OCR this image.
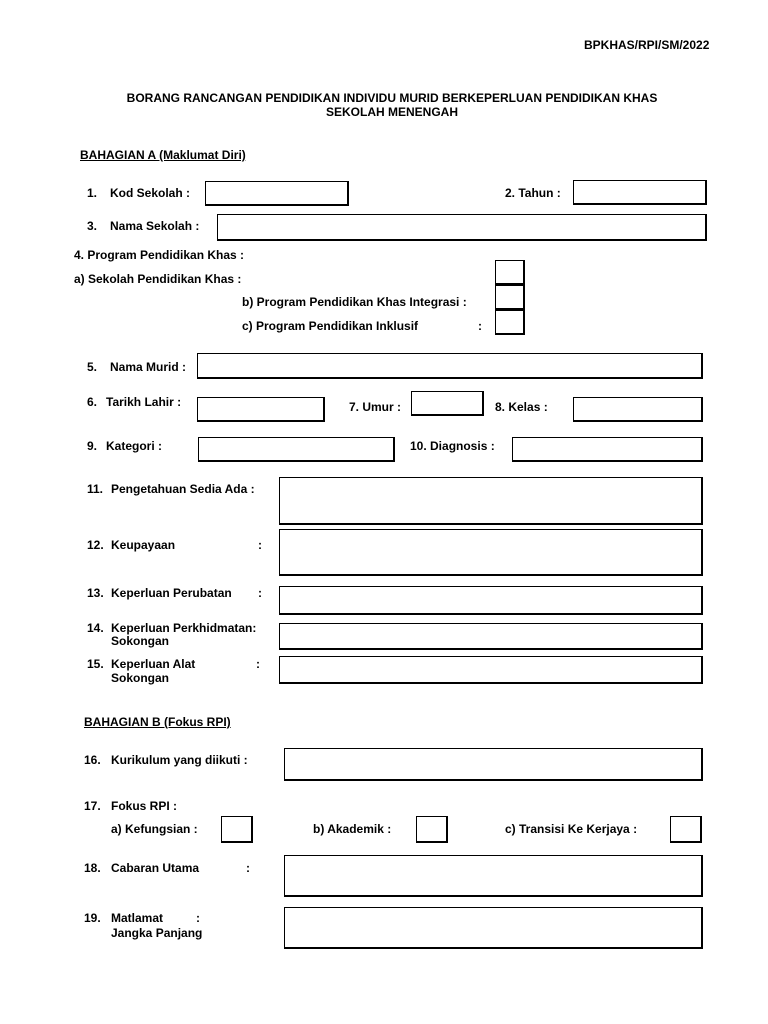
BPKHAS/RPI/SM/2022
BORANG RANCANGAN PENDIDIKAN INDIVIDU MURID BERKEPERLUAN PENDIDIKAN KHAS
SEKOLAH MENENGAH
BAHAGIAN A (Maklumat Diri)
1. Kod Sekolah :	2. Tahun :
3. Nama Sekolah :
4. Program Pendidikan Khas :
a) Sekolah Pendidikan Khas :
b) Program Pendidikan Khas Integrasi :
c) Program Pendidikan Inklusif	:
5. Nama Murid :
6. Tarikh Lahir :	7. Umur :	8. Kelas :
9. Kategori :	10. Diagnosis :
11. Pengetahuan Sedia Ada :
12. Keupayaan	:
13. Keperluan Perubatan :
14. Keperluan Perkhidmatan:
Sokongan
15. Keperluan Alat	:
Sokongan
BAHAGIAN B (Fokus RPI)
16. Kurikulum yang diikuti :
17. Fokus RPI :
a) Kefungsian :	b) Akademik :	c) Transisi Ke Kerjaya :
18. Cabaran Utama	:
19. Matlamat	:
Jangka Panjang
